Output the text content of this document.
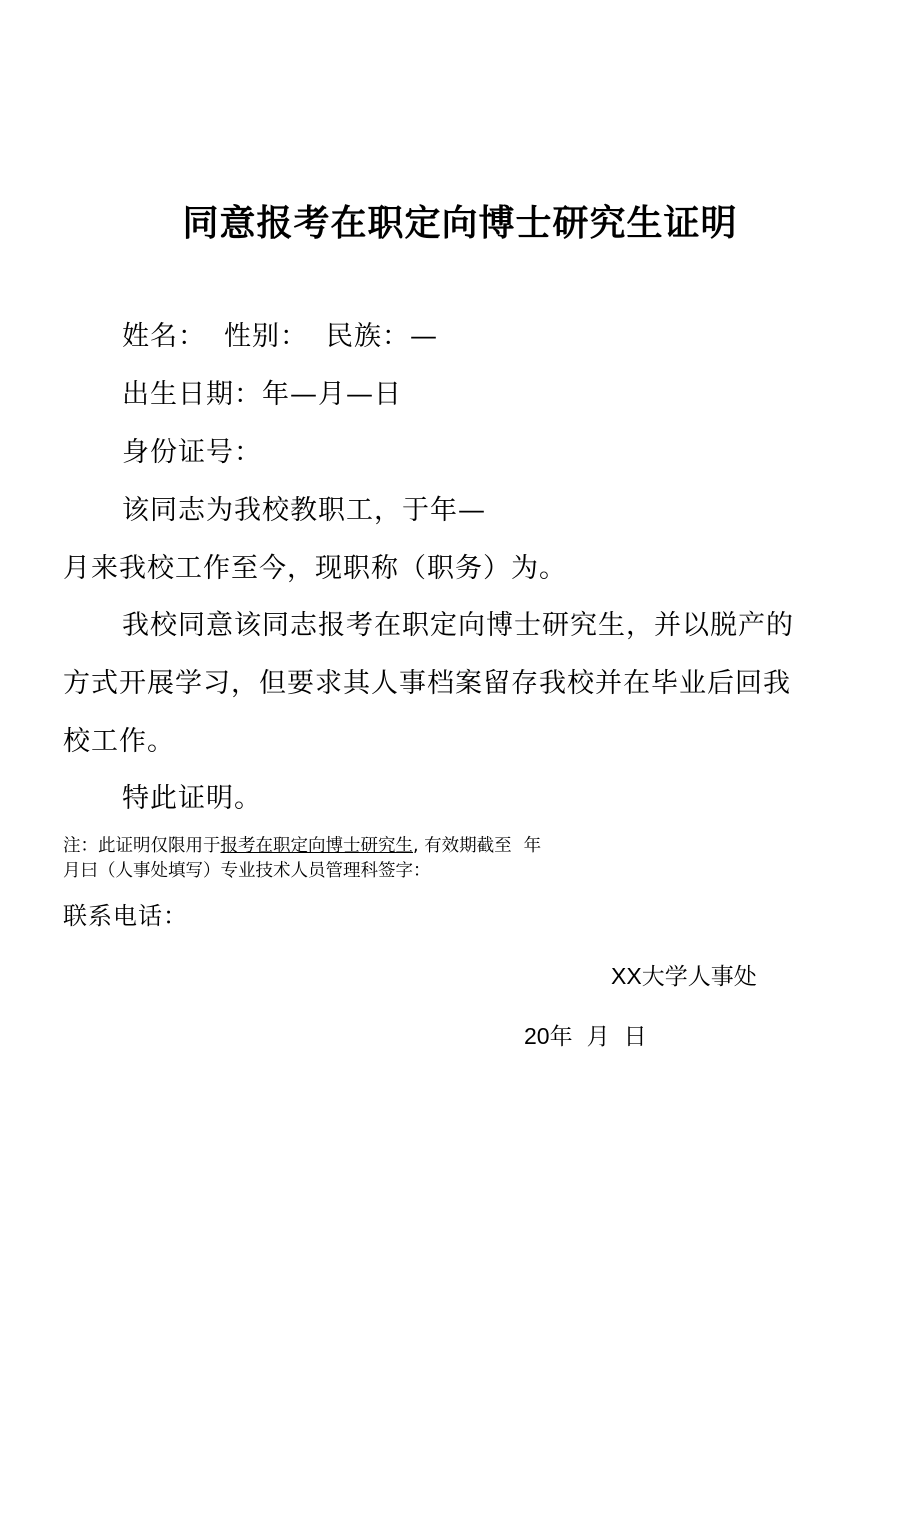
同意报考在职定向博士研究生证明

姓名： 性别： 民族：—

出生日期：年—月—日

身份证号：

该同志为我校教职工，于年—

月来我校工作至今，现职称（职务）为。

我校同意该同志报考在职定向博士研究生，并以脱产的

方式开展学习，但要求其人事档案留存我校并在毕业后回我

校工作。

特此证明。

注：此证明仅限用于报考在职定向博士研究生, 有效期截至 年

月曰（人事处填写）专业技术人员管理科签字：

联系电话：

XX大学人事处

20年 月 日
